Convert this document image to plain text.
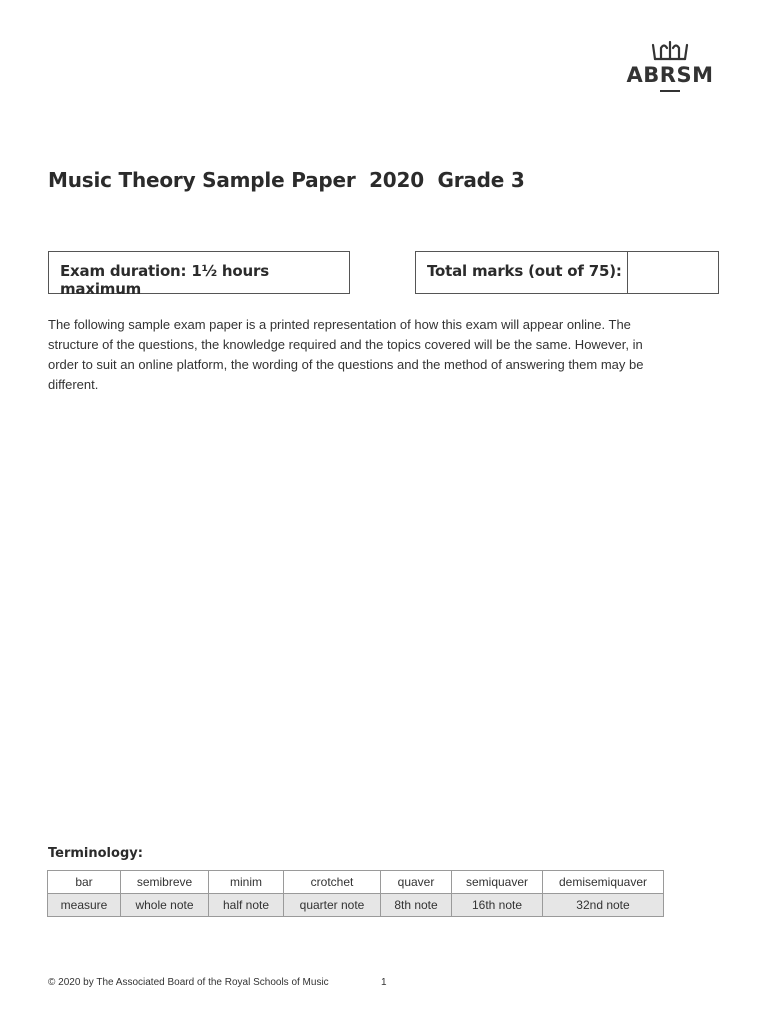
ABRSM
Music Theory Sample Paper  2020  Grade 3
Exam duration: 1½ hours maximum
Total marks (out of 75):

The following sample exam paper is a printed representation of how this exam will appear online. The structure of the questions, the knowledge required and the topics covered will be the same. However, in order to suit an online platform, the wording of the questions and the method of answering them may be different.

Terminology:
bar	semibreve	minim	crotchet	quaver	semiquaver	demisemiquaver
measure	whole note	half note	quarter note	8th note	16th note	32nd note

© 2020 by The Associated Board of the Royal Schools of Music	1
